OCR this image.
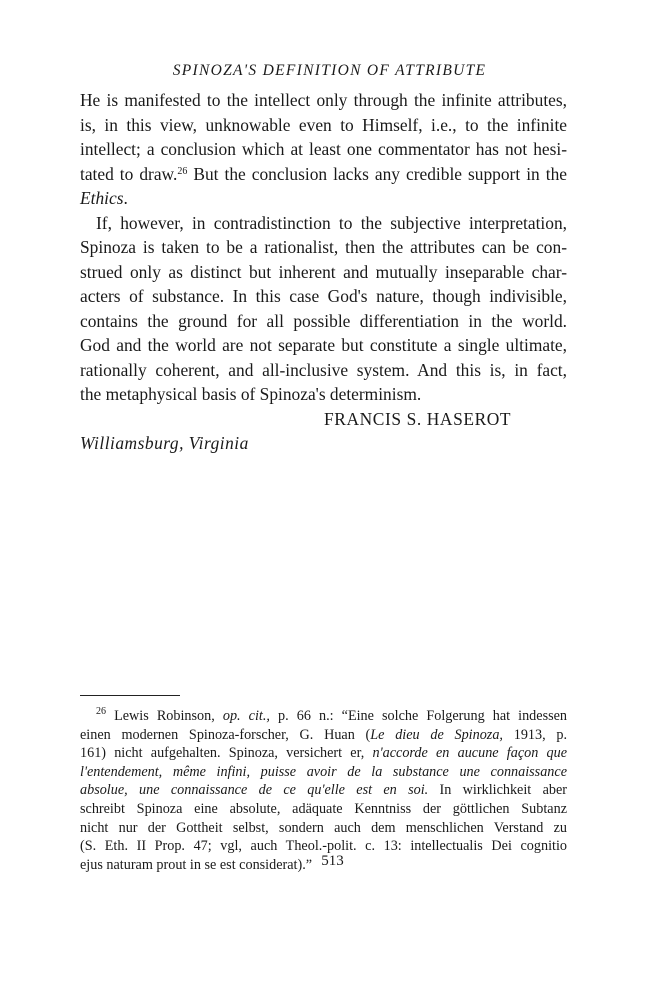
SPINOZA'S DEFINITION OF ATTRIBUTE
He is manifested to the intellect only through the infinite attributes,
is, in this view, unknowable even to Himself, i.e., to the infinite
intellect; a conclusion which at least one commentator has not hesi-
tated to draw.$^{26}$ But the conclusion lacks any credible support in the
Ethics.
If, however, in contradistinction to the subjective interpretation,
Spinoza is taken to be a rationalist, then the attributes can be con-
strued only as distinct but inherent and mutually inseparable char-
acters of substance. In this case God's nature, though indivisible,
contains the ground for all possible differentiation in the world.
God and the world are not separate but constitute a single ultimate,
rationally coherent, and all-inclusive system. And this is, in fact,
the metaphysical basis of Spinoza's determinism.
FRANCIS S. HASEROT
Williamsburg, Virginia
$^{26}$ Lewis Robinson, op. cit., p. 66 n.: “Eine solche Folgerung hat indessen
einen modernen Spinoza-forscher, G. Huan (Le dieu de Spinoza, 1913, p.
161) nicht aufgehalten. Spinoza, versichert er, n'accorde en aucune façon que
l'entendement, même infini, puisse avoir de la substance une connaissance
absolue, une connaissance de ce qu'elle est en soi. In wirklichkeit aber
schreibt Spinoza eine absolute, adäquate Kenntniss der göttlichen Subtanz
nicht nur der Gottheit selbst, sondern auch dem menschlichen Verstand zu
(S. Eth. II Prop. 47; vgl, auch Theol.-polit. c. 13: intellectualis Dei cognitio
ejus naturam prout in se est considerat).” 513
